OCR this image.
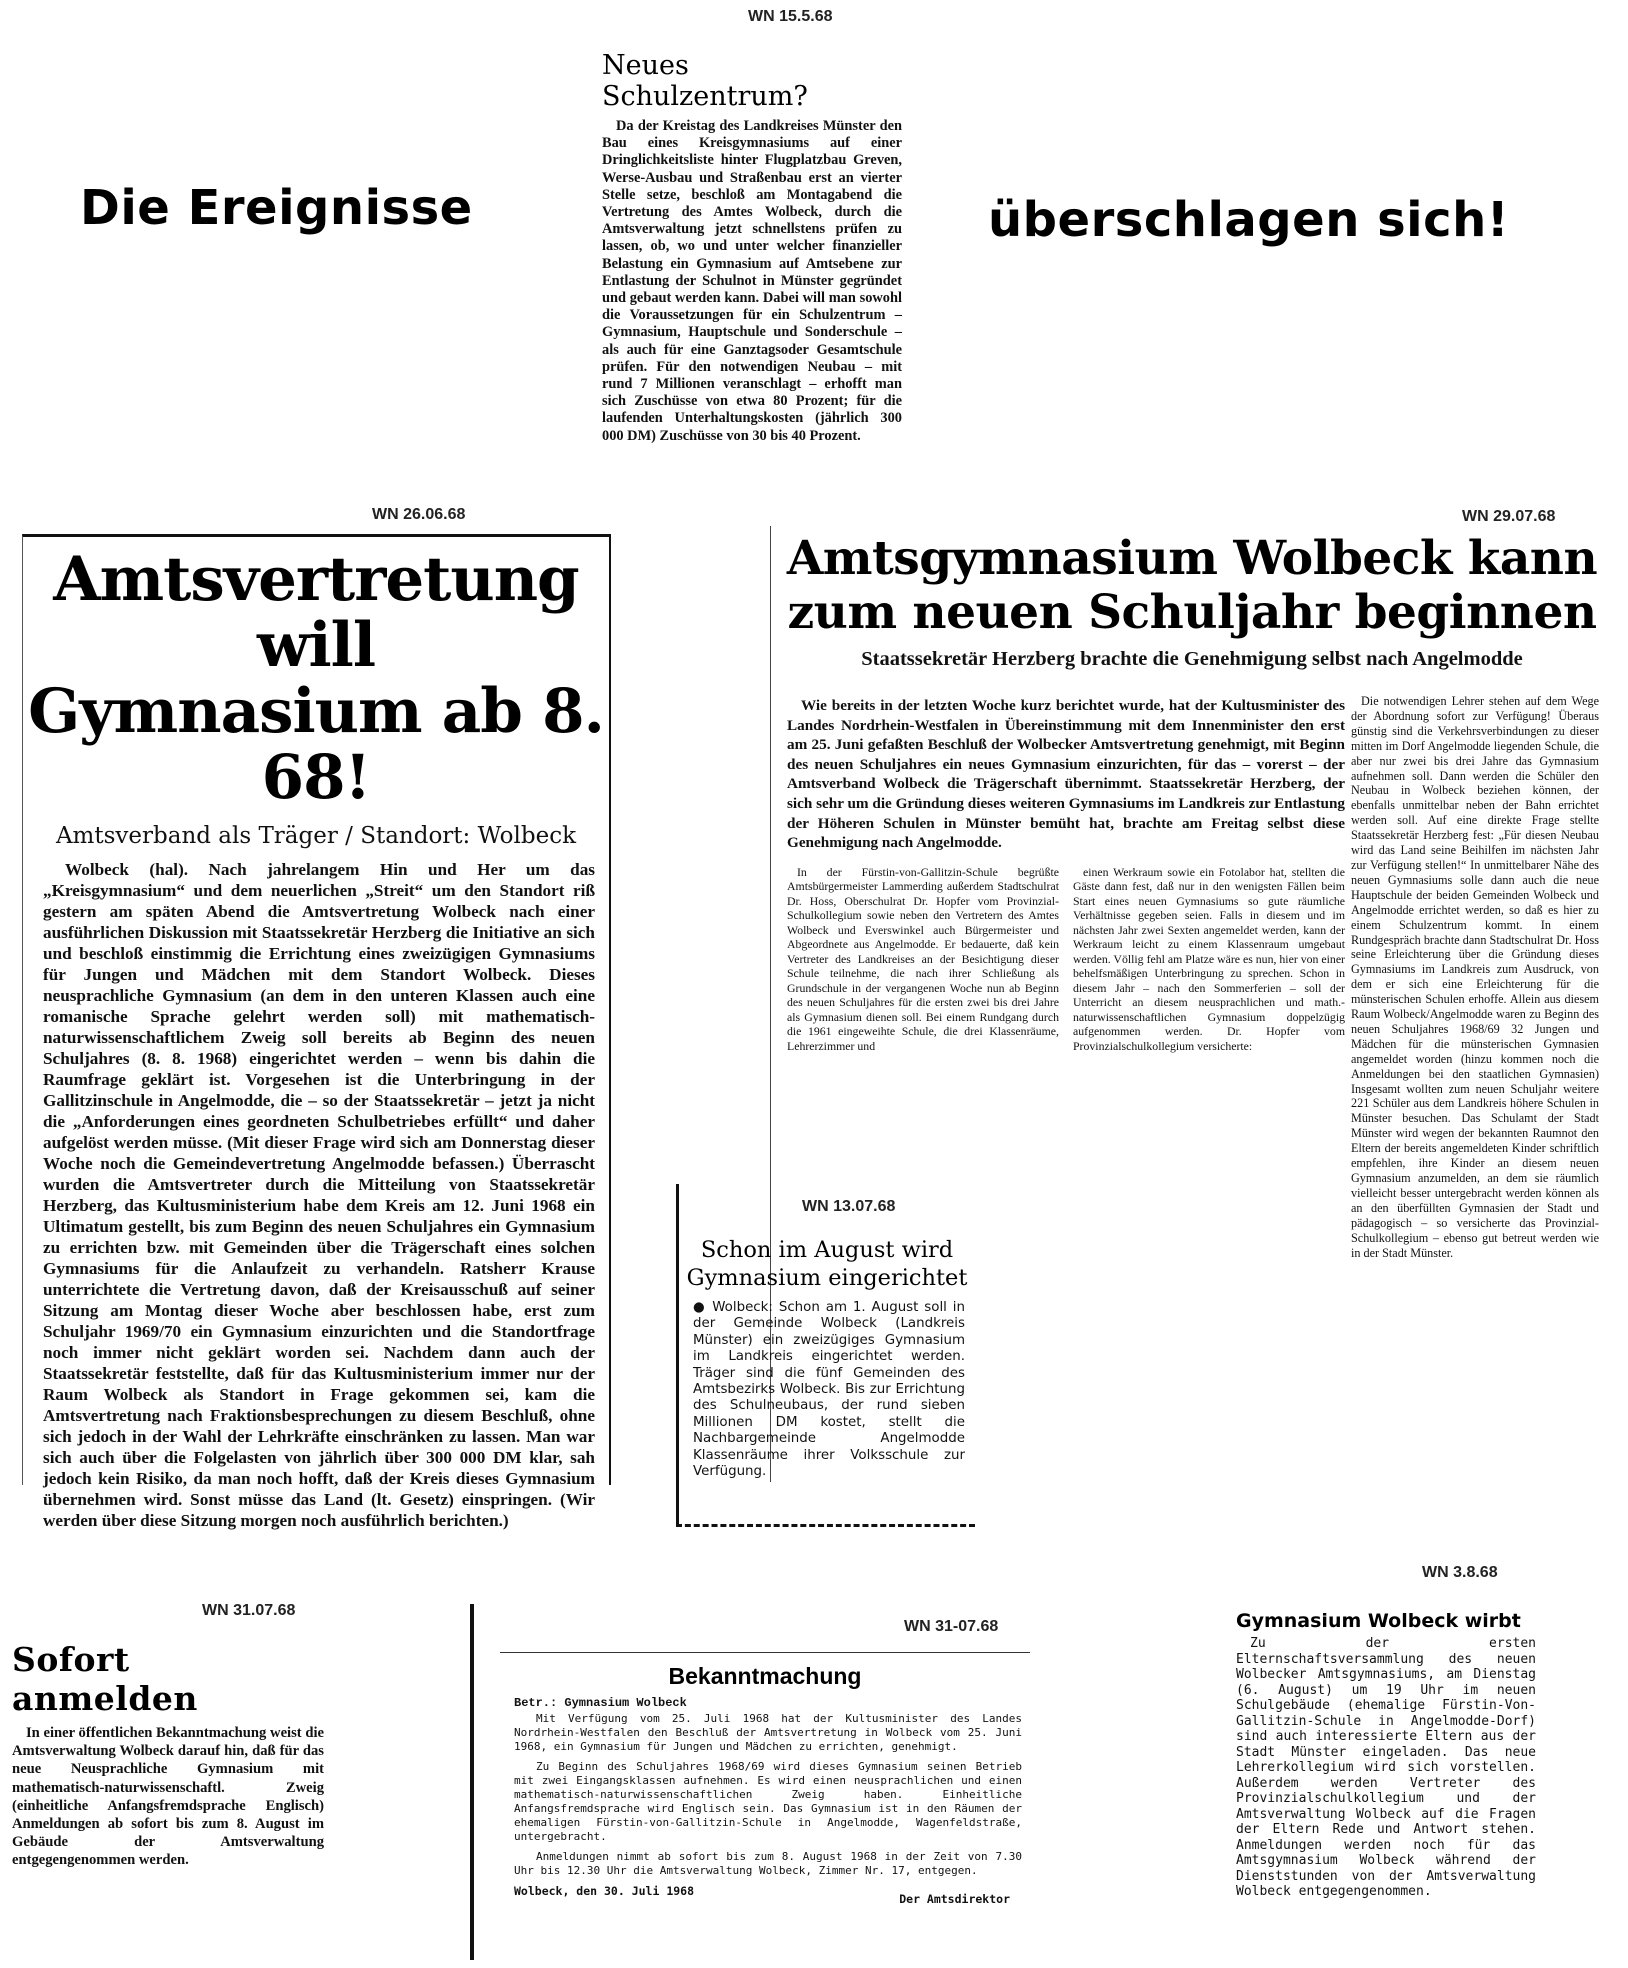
Die Ereignisse	überschlagen sich!
WN 15.5.68
Neues Schulzentrum?
Da der Kreistag des Landkreises Münster den Bau eines Kreisgymnasiums auf einer Dringlichkeitsliste hinter Flugplatzbau Greven, Werse-Ausbau und Straßenbau erst an vierter Stelle setze, beschloß am Montagabend die Vertretung des Amtes Wolbeck, durch die Amtsverwaltung jetzt schnellstens prüfen zu lassen, ob, wo und unter welcher finanzieller Belastung ein Gymnasium auf Amtsebene zur Entlastung der Schulnot in Münster gegründet und gebaut werden kann. Dabei will man sowohl die Voraussetzungen für ein Schulzentrum – Gymnasium, Hauptschule und Sonderschule – als auch für eine Ganztagsoder Gesamtschule prüfen. Für den notwendigen Neubau – mit rund 7 Millionen veranschlagt – erhofft man sich Zuschüsse von etwa 80 Prozent; für die laufenden Unterhaltungskosten (jährlich 300 000 DM) Zuschüsse von 30 bis 40 Prozent.
WN 26.06.68
Amtsvertretung will
Gymnasium ab 8. 68!
Amtsverband als Träger / Standort: Wolbeck
Wolbeck (hal). Nach jahrelangem Hin und Her um das „Kreisgymnasium“ und dem neuerlichen „Streit“ um den Standort riß gestern am späten Abend die Amtsvertretung Wolbeck nach einer ausführlichen Diskussion mit Staatssekretär Herzberg die Initiative an sich und beschloß einstimmig die Errichtung eines zweizügigen Gymnasiums für Jungen und Mädchen mit dem Standort Wolbeck. Dieses neusprachliche Gymnasium (an dem in den unteren Klassen auch eine romanische Sprache gelehrt werden soll) mit mathematisch-naturwissenschaftlichem Zweig soll bereits ab Beginn des neuen Schuljahres (8. 8. 1968) eingerichtet werden – wenn bis dahin die Raumfrage geklärt ist. Vorgesehen ist die Unterbringung in der Gallitzinschule in Angelmodde, die – so der Staatssekretär – jetzt ja nicht die „Anforderungen eines geordneten Schulbetriebes erfüllt“ und daher aufgelöst werden müsse. (Mit dieser Frage wird sich am Donnerstag dieser Woche noch die Gemeindevertretung Angelmodde befassen.) Überrascht wurden die Amtsvertreter durch die Mitteilung von Staatssekretär Herzberg, das Kultusministerium habe dem Kreis am 12. Juni 1968 ein Ultimatum gestellt, bis zum Beginn des neuen Schuljahres ein Gymnasium zu errichten bzw. mit Gemeinden über die Trägerschaft eines solchen Gymnasiums für die Anlaufzeit zu verhandeln. Ratsherr Krause unterrichtete die Vertretung davon, daß der Kreisausschuß auf seiner Sitzung am Montag dieser Woche aber beschlossen habe, erst zum Schuljahr 1969/70 ein Gymnasium einzurichten und die Standortfrage noch immer nicht geklärt worden sei. Nachdem dann auch der Staatssekretär feststellte, daß für das Kultusministerium immer nur der Raum Wolbeck als Standort in Frage gekommen sei, kam die Amtsvertretung nach Fraktionsbesprechungen zu diesem Beschluß, ohne sich jedoch in der Wahl der Lehrkräfte einschränken zu lassen. Man war sich auch über die Folgelasten von jährlich über 300 000 DM klar, sah jedoch kein Risiko, da man noch hofft, daß der Kreis dieses Gymnasium übernehmen wird. Sonst müsse das Land (lt. Gesetz) einspringen. (Wir werden über diese Sitzung morgen noch ausführlich berichten.)
WN 29.07.68
Amtsgymnasium Wolbeck kann
zum neuen Schuljahr beginnen
Staatssekretär Herzberg brachte die Genehmigung selbst nach Angelmodde
Wie bereits in der letzten Woche kurz berichtet wurde, hat der Kultusminister des Landes Nordrhein-Westfalen in Übereinstimmung mit dem Innenminister den erst am 25. Juni gefaßten Beschluß der Wolbecker Amtsvertretung genehmigt, mit Beginn des neuen Schuljahres ein neues Gymnasium einzurichten, für das – vorerst – der Amtsverband Wolbeck die Trägerschaft übernimmt. Staatssekretär Herzberg, der sich sehr um die Gründung dieses weiteren Gymnasiums im Landkreis zur Entlastung der Höheren Schulen in Münster bemüht hat, brachte am Freitag selbst diese Genehmigung nach Angelmodde.
In der Fürstin-von-Gallitzin-Schule begrüßte Amtsbürgermeister Lammerding außerdem Stadtschulrat Dr. Hoss, Oberschulrat Dr. Hopfer vom Provinzial-Schulkollegium sowie neben den Vertretern des Amtes Wolbeck und Everswinkel auch Bürgermeister und Abgeordnete aus Angelmodde. Er bedauerte, daß kein Vertreter des Landkreises an der Besichtigung dieser Schule teilnehme, die nach ihrer Schließung als Grundschule in der vergangenen Woche nun ab Beginn des neuen Schuljahres für die ersten zwei bis drei Jahre als Gymnasium dienen soll. Bei einem Rundgang durch die 1961 eingeweihte Schule, die drei Klassenräume, Lehrerzimmer und
einen Werkraum sowie ein Fotolabor hat, stellten die Gäste dann fest, daß nur in den wenigsten Fällen beim Start eines neuen Gymnasiums so gute räumliche Verhältnisse gegeben seien. Falls in diesem und im nächsten Jahr zwei Sexten angemeldet werden, kann der Werkraum leicht zu einem Klassenraum umgebaut werden. Völlig fehl am Platze wäre es nun, hier von einer behelfsmäßigen Unterbringung zu sprechen. Schon in diesem Jahr – nach den Sommerferien – soll der Unterricht an diesem neusprachlichen und math.-naturwissenschaftlichen Gymnasium doppelzügig aufgenommen werden. Dr. Hopfer vom Provinzialschulkollegium versicherte:
Die notwendigen Lehrer stehen auf dem Wege der Abordnung sofort zur Verfügung! Überaus günstig sind die Verkehrsverbindungen zu dieser mitten im Dorf Angelmodde liegenden Schule, die aber nur zwei bis drei Jahre das Gymnasium aufnehmen soll. Dann werden die Schüler den Neubau in Wolbeck beziehen können, der ebenfalls unmittelbar neben der Bahn errichtet werden soll. Auf eine direkte Frage stellte Staatssekretär Herzberg fest: „Für diesen Neubau wird das Land seine Beihilfen im nächsten Jahr zur Verfügung stellen!“ In unmittelbarer Nähe des neuen Gymnasiums solle dann auch die neue Hauptschule der beiden Gemeinden Wolbeck und Angelmodde errichtet werden, so daß es hier zu einem Schulzentrum kommt. In einem Rundgespräch brachte dann Stadtschulrat Dr. Hoss seine Erleichterung über die Gründung dieses Gymnasiums im Landkreis zum Ausdruck, von dem er sich eine Erleichterung für die münsterischen Schulen erhoffe. Allein aus diesem Raum Wolbeck/Angelmodde waren zu Beginn des neuen Schuljahres 1968/69 32 Jungen und Mädchen für die münsterischen Gymnasien angemeldet worden (hinzu kommen noch die Anmeldungen bei den staatlichen Gymnasien) Insgesamt wollten zum neuen Schuljahr weitere 221 Schüler aus dem Landkreis höhere Schulen in Münster besuchen. Das Schulamt der Stadt Münster wird wegen der bekannten Raumnot den Eltern der bereits angemeldeten Kinder schriftlich empfehlen, ihre Kinder an diesem neuen Gymnasium anzumelden, an dem sie räumlich vielleicht besser untergebracht werden können als an den überfüllten Gymnasien der Stadt und pädagogisch – so versicherte das Provinzial-Schulkollegium – ebenso gut betreut werden wie in der Stadt Münster.
WN 13.07.68
Schon im August wird
Gymnasium eingerichtet
● Wolbeck: Schon am 1. August soll in der Gemeinde Wolbeck (Landkreis Münster) ein zweizügiges Gymnasium im Landkreis eingerichtet werden. Träger sind die fünf Gemeinden des Amtsbezirks Wolbeck. Bis zur Errichtung des Schulneubaus, der rund sieben Millionen DM kostet, stellt die Nachbargemeinde Angelmodde Klassenräume ihrer Volksschule zur Verfügung.
WN 31.07.68
Sofort anmelden
In einer öffentlichen Bekanntmachung weist die Amtsverwaltung Wolbeck darauf hin, daß für das neue Neusprachliche Gymnasium mit mathematisch-naturwissenschaftl. Zweig (einheitliche Anfangsfremdsprache Englisch) Anmeldungen ab sofort bis zum 8. August im Gebäude der Amtsverwaltung entgegengenommen werden.
WN 31-07.68
Bekanntmachung
Betr.: Gymnasium Wolbeck
Mit Verfügung vom 25. Juli 1968 hat der Kultusminister des Landes Nordrhein-Westfalen den Beschluß der Amtsvertretung in Wolbeck vom 25. Juni 1968, ein Gymnasium für Jungen und Mädchen zu errichten, genehmigt.
Zu Beginn des Schuljahres 1968/69 wird dieses Gymnasium seinen Betrieb mit zwei Eingangsklassen aufnehmen. Es wird einen neusprachlichen und einen mathematisch-naturwissenschaftlichen Zweig haben. Einheitliche Anfangsfremdsprache wird Englisch sein. Das Gymnasium ist in den Räumen der ehemaligen Fürstin-von-Gallitzin-Schule in Angelmodde, Wagenfeldstraße, untergebracht.
Anmeldungen nimmt ab sofort bis zum 8. August 1968 in der Zeit von 7.30 Uhr bis 12.30 Uhr die Amtsverwaltung Wolbeck, Zimmer Nr. 17, entgegen.
Wolbeck, den 30. Juli 1968
Der Amtsdirektor
WN 3.8.68
Gymnasium Wolbeck wirbt
Zu der ersten Elternschaftsversammlung des neuen Wolbecker Amtsgymnasiums, am Dienstag (6. August) um 19 Uhr im neuen Schulgebäude (ehemalige Fürstin-Von-Gallitzin-Schule in Angelmodde-Dorf) sind auch interessierte Eltern aus der Stadt Münster eingeladen. Das neue Lehrerkollegium wird sich vorstellen. Außerdem werden Vertreter des Provinzialschulkollegium und der Amtsverwaltung Wolbeck auf die Fragen der Eltern Rede und Antwort stehen. Anmeldungen werden noch für das Amtsgymnasium Wolbeck während der Dienststunden von der Amtsverwaltung Wolbeck entgegengenommen.
